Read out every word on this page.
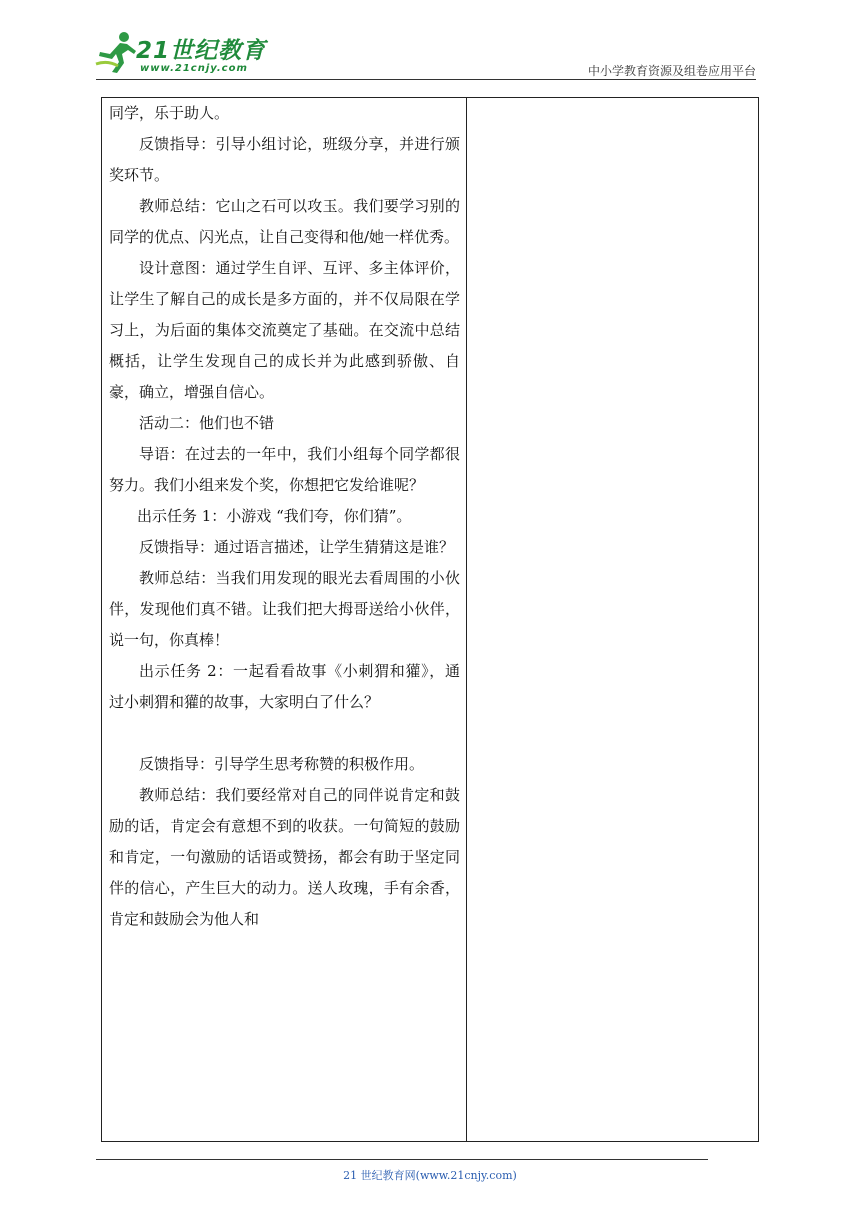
21世纪教育
www.21cnjy.com	中小学教育资源及组卷应用平台

同学，乐于助人。

反馈指导：引导小组讨论，班级分享，并进行颁奖环节。

教师总结：它山之石可以攻玉。我们要学习别的同学的优点、闪光点，让自己变得和他/她一样优秀。

设计意图：通过学生自评、互评、多主体评价，让学生了解自己的成长是多方面的，并不仅局限在学习上，为后面的集体交流奠定了基础。在交流中总结概括，让学生发现自己的成长并为此感到骄傲、自豪，确立，增强自信心。

活动二：他们也不错

导语：在过去的一年中，我们小组每个同学都很努力。我们小组来发个奖，你想把它发给谁呢？

出示任务 1：小游戏 “我们夸，你们猜”。

反馈指导：通过语言描述，让学生猜猜这是谁？

教师总结：当我们用发现的眼光去看周围的小伙伴，发现他们真不错。让我们把大拇哥送给小伙伴，说一句，你真棒！

出示任务 2：一起看看故事《小刺猬和獾》，通过小刺猬和獾的故事，大家明白了什么？

反馈指导：引导学生思考称赞的积极作用。

教师总结：我们要经常对自己的同伴说肯定和鼓励的话，肯定会有意想不到的收获。一句简短的鼓励和肯定，一句激励的话语或赞扬，都会有助于坚定同伴的信心，产生巨大的动力。送人玫瑰，手有余香，肯定和鼓励会为他人和

21 世纪教育网(www.21cnjy.com)
